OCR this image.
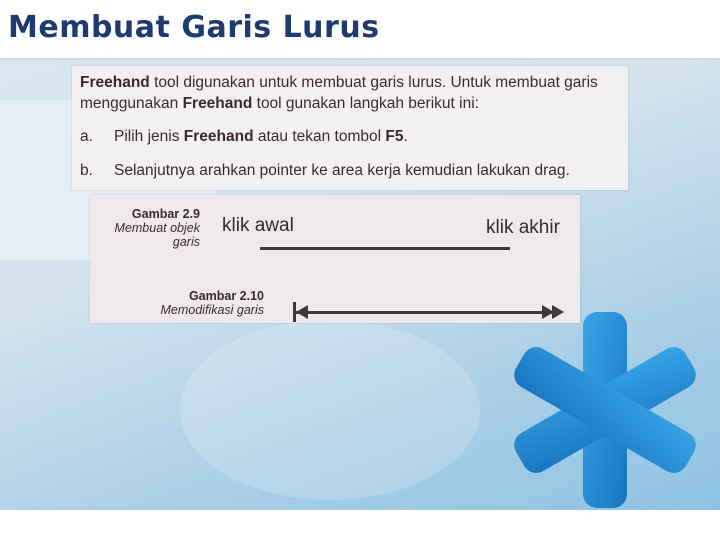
Membuat Garis Lurus

Freehand tool digunakan untuk membuat garis lurus. Untuk membuat garis menggunakan Freehand tool gunakan langkah berikut ini:

a. Pilih jenis Freehand atau tekan tombol F5.
b. Selanjutnya arahkan pointer ke area kerja kemudian lakukan drag.
Gambar 2.9
Membuat objek
garis
klik awal	klik akhir
Gambar 2.10
Memodifikasi garis
